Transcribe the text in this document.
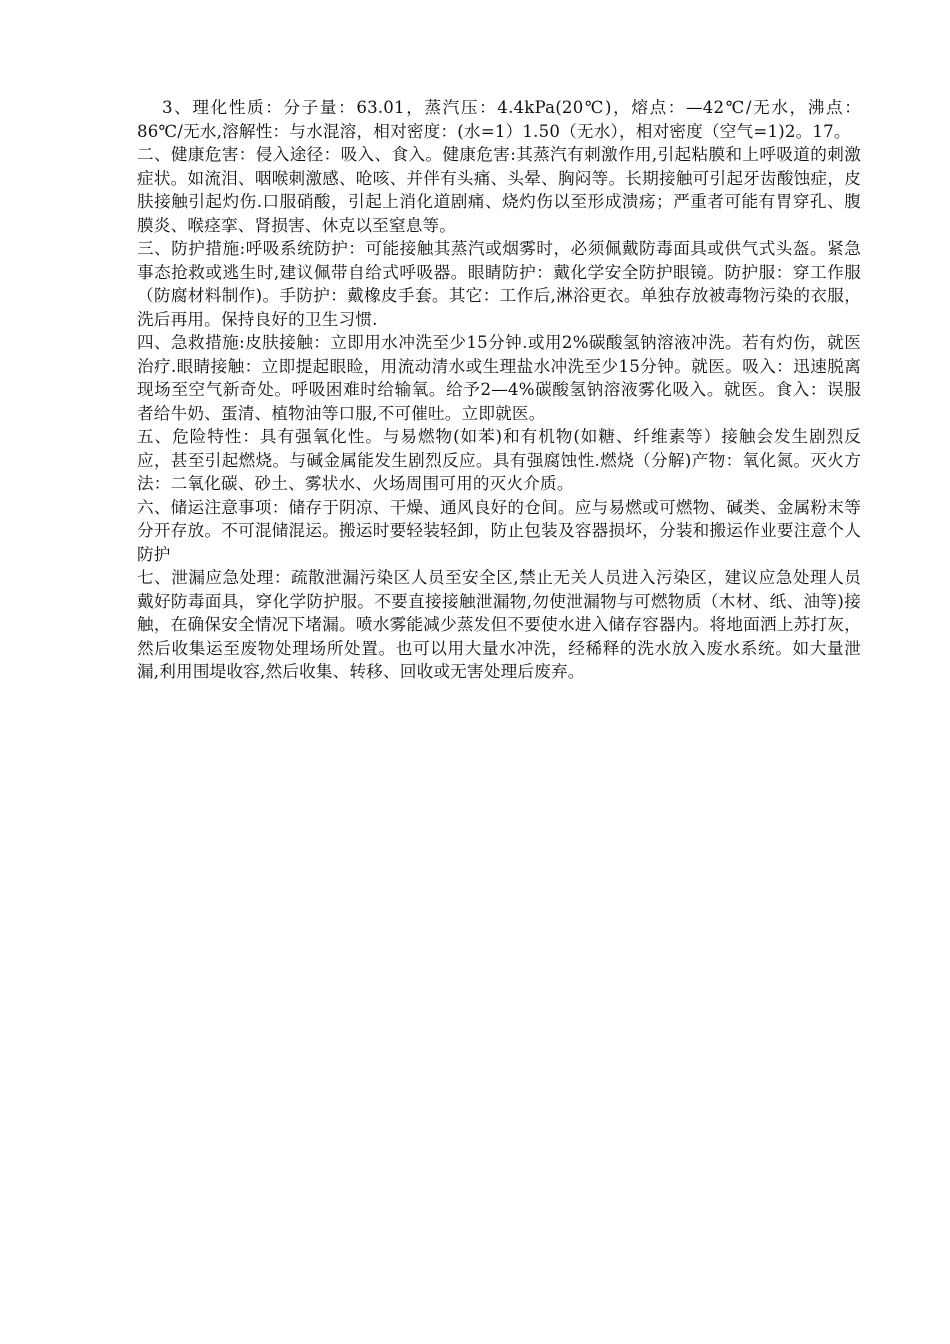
3、理化性质：分子量：63.01，蒸汽压：4.4kPa(20℃)，熔点：—42℃/无水，沸点：86℃/无水,溶解性：与水混溶，相对密度：(水=1）1.50（无水），相对密度（空气=1)2。17。

二、健康危害：侵入途径：吸入、食入。健康危害:其蒸汽有刺激作用,引起粘膜和上呼吸道的刺激症状。如流泪、咽喉刺激感、呛咳、并伴有头痛、头晕、胸闷等。长期接触可引起牙齿酸蚀症，皮肤接触引起灼伤.口服硝酸，引起上消化道剧痛、烧灼伤以至形成溃疡；严重者可能有胃穿孔、腹膜炎、喉痉挛、肾损害、休克以至窒息等。

三、防护措施:呼吸系统防护：可能接触其蒸汽或烟雾时，必须佩戴防毒面具或供气式头盔。紧急事态抢救或逃生时,建议佩带自给式呼吸器。眼睛防护：戴化学安全防护眼镜。防护服：穿工作服（防腐材料制作)。手防护：戴橡皮手套。其它：工作后,淋浴更衣。单独存放被毒物污染的衣服，洗后再用。保持良好的卫生习惯.

四、急救措施:皮肤接触：立即用水冲洗至少15分钟.或用2%碳酸氢钠溶液冲洗。若有灼伤，就医治疗.眼睛接触：立即提起眼睑，用流动清水或生理盐水冲洗至少15分钟。就医。吸入：迅速脱离现场至空气新奇处。呼吸困难时给输氧。给予2—4%碳酸氢钠溶液雾化吸入。就医。食入：误服者给牛奶、蛋清、植物油等口服,不可催吐。立即就医。

五、危险特性：具有强氧化性。与易燃物(如苯)和有机物(如糖、纤维素等）接触会发生剧烈反应，甚至引起燃烧。与碱金属能发生剧烈反应。具有强腐蚀性.燃烧（分解)产物：氧化氮。灭火方法：二氧化碳、砂土、雾状水、火场周围可用的灭火介质。

六、储运注意事项：储存于阴凉、干燥、通风良好的仓间。应与易燃或可燃物、碱类、金属粉末等分开存放。不可混储混运。搬运时要轻装轻卸，防止包装及容器损坏，分装和搬运作业要注意个人防护

七、泄漏应急处理：疏散泄漏污染区人员至安全区,禁止无关人员进入污染区，建议应急处理人员戴好防毒面具，穿化学防护服。不要直接接触泄漏物,勿使泄漏物与可燃物质（木材、纸、油等)接触，在确保安全情况下堵漏。喷水雾能减少蒸发但不要使水进入储存容器内。将地面洒上苏打灰，然后收集运至废物处理场所处置。也可以用大量水冲洗，经稀释的洗水放入废水系统。如大量泄漏,利用围堤收容,然后收集、转移、回收或无害处理后废弃。
